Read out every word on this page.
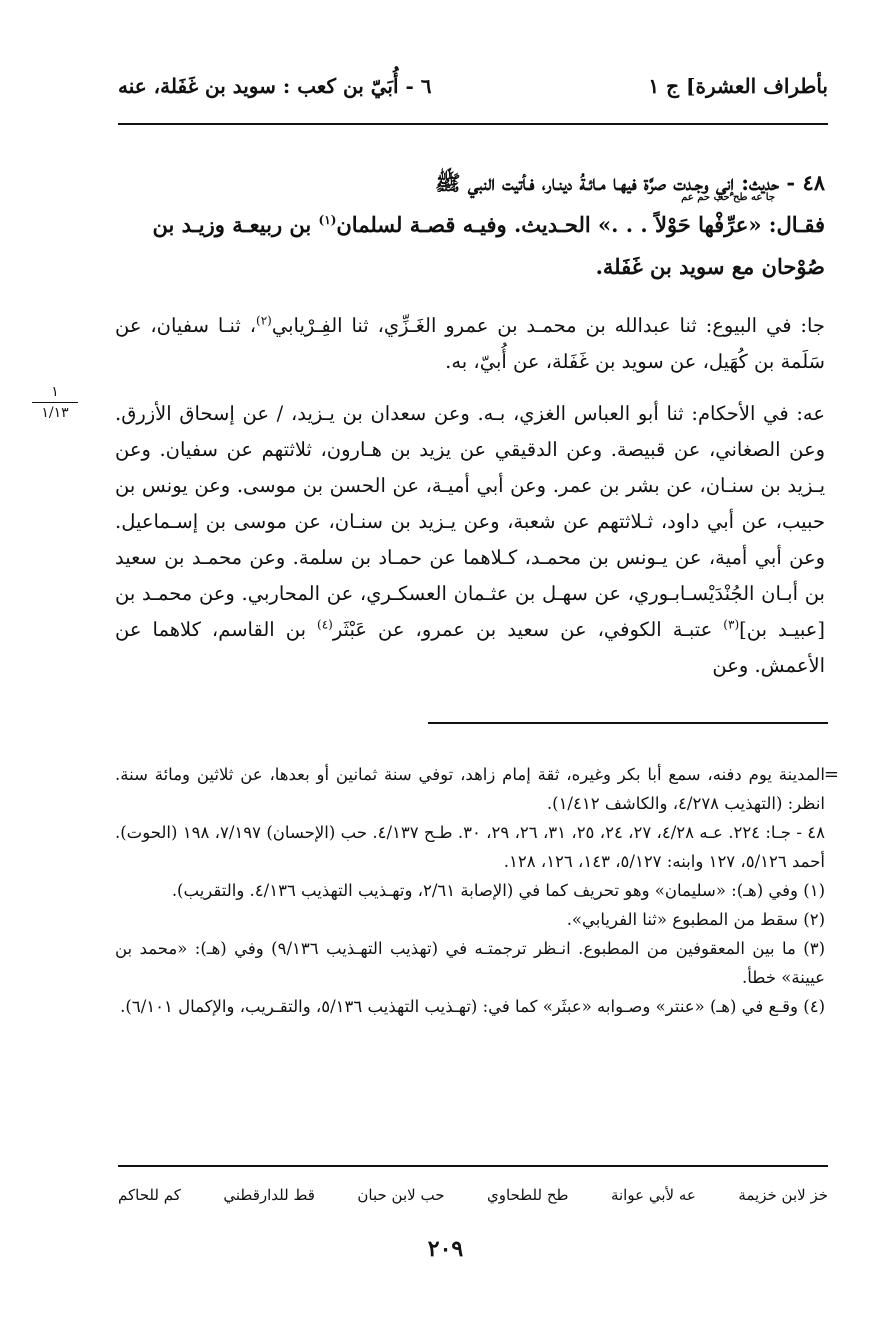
بأطراف العشرة] ج ١
٦ - أُبَيّ بن كعب : سويد بن غَفَلة، عنه
٤٨ - حديث: إني وجـدت صرَّة فيهـا مـائـةُ دينـار، فـأتيت النبي ﷺ
جا عه طح حب حم عم
فقـال: «عرِّفْها حَوْلاً . . .» الحـديث. وفيـه قصـة لسلمان$^{(١)}$ بن ربيعـة وزيـد بن
صُوْحان مع سويد بن غَفَلة.
جا: في البيوع: ثنا عبدالله بن محمـد بن عمرو الغَـزِّي، ثنا الفِـرْيابي$^{(٢)}$، ثنـا سفيان، عن سَلَمة بن كُهَيل، عن سويد بن غَفَلة، عن أُبيّ، به.
عه: في الأحكام: ثنا أبو العباس الغزي، بـه. وعن سعدان بن يـزيد، / عن إسحاق الأزرق. وعن الصغاني، عن قبيصة. وعن الدقيقي عن يزيد بن هـارون، ثلاثتهم عن سفيان. وعن يـزيد بن سنـان، عن بشر بن عمر. وعن أبي أميـة، عن الحسن بن موسى. وعن يونس بن حبيب، عن أبي داود، ثـلاثتهم عن شعبة، وعن يـزيد بن سنـان، عن موسى بن إسـماعيل. وعن أبي أمية، عن يـونس بن محمـد، كـلاهما عن حمـاد بن سلمة. وعن محمـد بن سعيد بن أبـان الجُنْدَيْسـابـوري، عن سهـل بن عثـمان العسكـري، عن المحاربي. وعن محمـد بن [عبيـد بن]$^{(٣)}$ عتبـة الكوفي، عن سعيد بن عمرو، عن عَبْثَر$^{(٤)}$ بن القاسم، كلاهما عن الأعمش. وعن
١
١/١٣
=

المدينة يوم دفنه، سمع أبا بكر وغيره، ثقة إمام زاهد، توفي سنة ثمانين أو بعدها، عن ثلاثين ومائة سنة. انظر: (التهذيب ٤/٢٧٨، والكاشف ١/٤١٢).

٤٨ - جـا: ٢٢٤. عـه ٤/٢٨، ٢٧، ٢٤، ٢٥، ٣١، ٢٦، ٢٩، ٣٠. طـح ٤/١٣٧. حب (الإحسان) ٧/١٩٧، ١٩٨ (الحوت). أحمد ٥/١٢٦، ١٢٧ وابنه: ٥/١٢٧، ١٤٣، ١٢٦، ١٢٨.

(١) وفي (هـ): «سليمان» وهو تحريف كما في (الإصابة ٢/٦١، وتهـذيب التهذيب ٤/١٣٦. والتقريب).

(٢) سقط من المطبوع «ثنا الفريابي».

(٣) ما بين المعقوفين من المطبوع. انـظر ترجمتـه في (تهذيب التهـذيب ٩/١٣٦) وفي (هـ): «محمد بن عيينة» خطأ.

(٤) وقـع في (هـ) «عنتر» وصـوابه «عبثَر» كما في: (تهـذيب التهذيب ٥/١٣٦، والتقـريب، والإكمال ٦/١٠١).

خز لابن خزيمة
عه لأبي عوانة
طح للطحاوي
حب لابن حبان
قط للدارقطني
كم للحاكم
٢٠٩
